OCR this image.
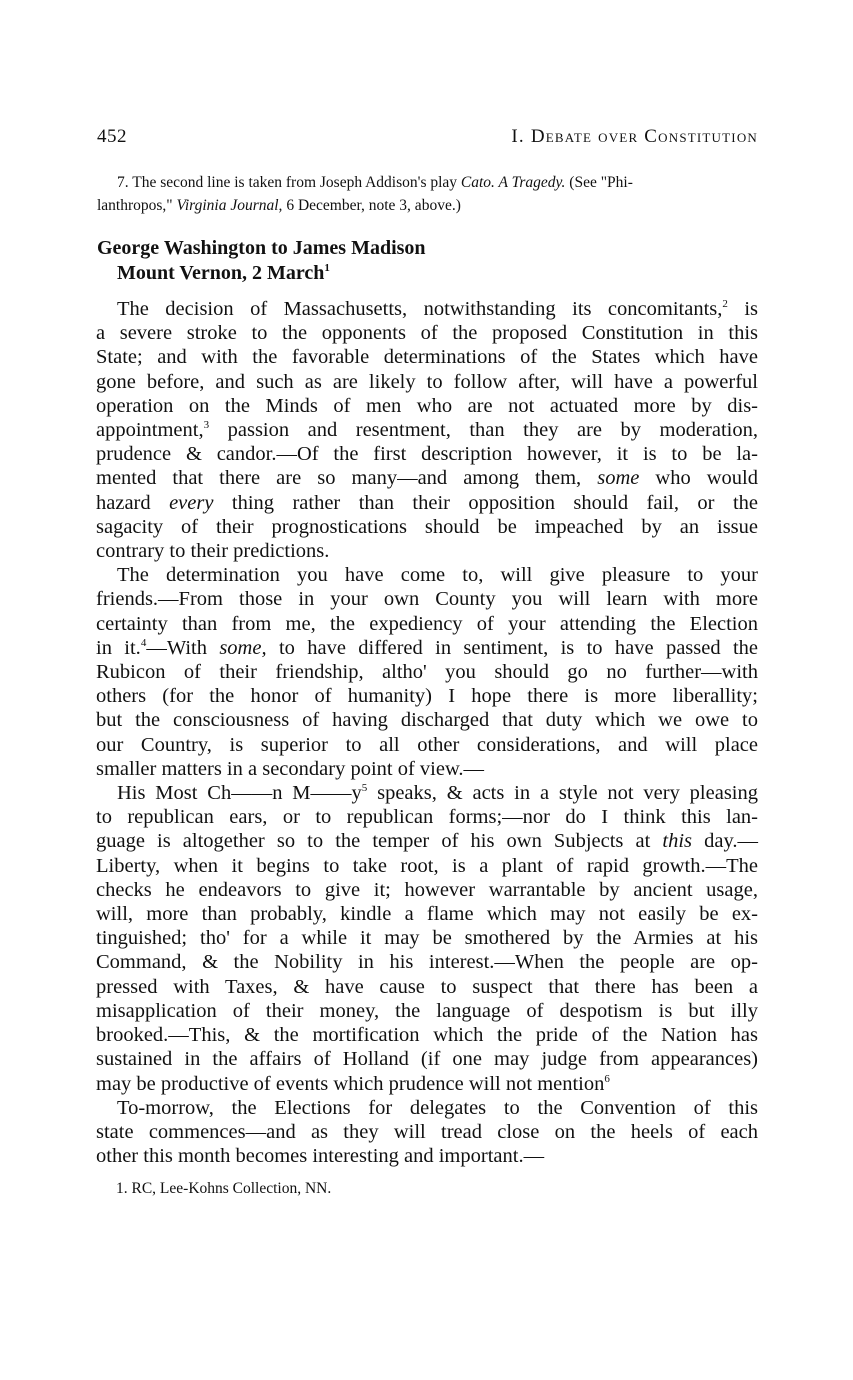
452	I. Debate over Constitution
7. The second line is taken from Joseph Addison's play Cato. A Tragedy. (See "Phi-
lanthropos," Virginia Journal, 6 December, note 3, above.)
George Washington to James Madison
Mount Vernon, 2 March$^1$
The decision of Massachusetts, notwithstanding its concomitants,$^2$ is
a severe stroke to the opponents of the proposed Constitution in this
State; and with the favorable determinations of the States which have
gone before, and such as are likely to follow after, will have a powerful
operation on the Minds of men who are not actuated more by dis-
appointment,$^3$ passion and resentment, than they are by moderation,
prudence & candor.—Of the first description however, it is to be la-
mented that there are so many—and among them, some who would
hazard every thing rather than their opposition should fail, or the
sagacity of their prognostications should be impeached by an issue
contrary to their predictions.
The determination you have come to, will give pleasure to your
friends.—From those in your own County you will learn with more
certainty than from me, the expediency of your attending the Election
in it.$^4$—With some, to have differed in sentiment, is to have passed the
Rubicon of their friendship, altho' you should go no further—with
others (for the honor of humanity) I hope there is more liberallity;
but the consciousness of having discharged that duty which we owe to
our Country, is superior to all other considerations, and will place
smaller matters in a secondary point of view.—
His Most Ch——n $M——y^5$ speaks, & acts in a style not very pleasing
to republican ears, or to republican forms;—nor do I think this lan-
guage is altogether so to the temper of his own Subjects at this day.—
Liberty, when it begins to take root, is a plant of rapid growth.—The
checks he endeavors to give it; however warrantable by ancient usage,
will, more than probably, kindle a flame which may not easily be ex-
tinguished; tho' for a while it may be smothered by the Armies at his
Command, & the Nobility in his interest.—When the people are op-
pressed with Taxes, & have cause to suspect that there has been a
misapplication of their money, the language of despotism is but illy
brooked.—This, & the mortification which the pride of the Nation has
sustained in the affairs of Holland (if one may judge from appearances)
may be productive of events which prudence will not mention$^6$
To-morrow, the Elections for delegates to the Convention of this
state commences—and as they will tread close on the heels of each
other this month becomes interesting and important.—
1. RC, Lee-Kohns Collection, NN.
